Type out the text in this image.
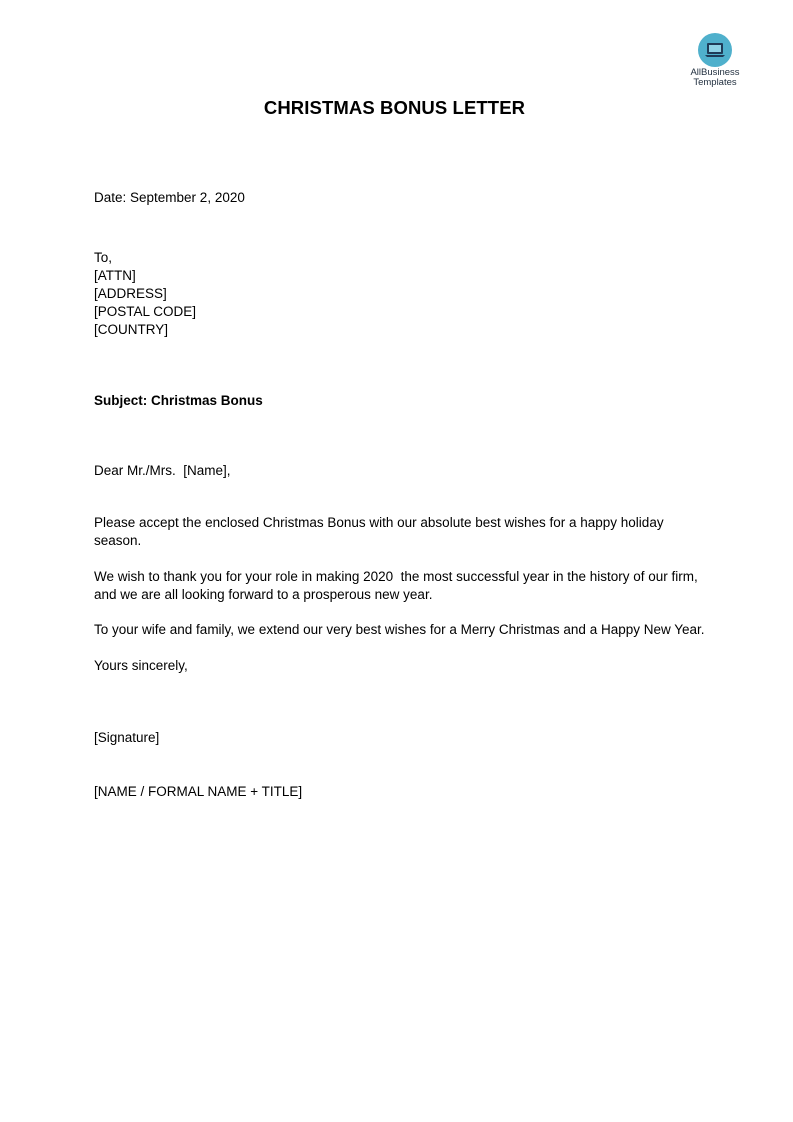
AllBusiness
Templates
CHRISTMAS BONUS LETTER
Date: September 2, 2020
To,
[ATTN]
[ADDRESS]
[POSTAL CODE]
[COUNTRY]
Subject: Christmas Bonus
Dear Mr./Mrs.  [Name],
Please accept the enclosed Christmas Bonus with our absolute best wishes for a happy holiday season.
We wish to thank you for your role in making 2020  the most successful year in the history of our firm, and we are all looking forward to a prosperous new year.
To your wife and family, we extend our very best wishes for a Merry Christmas and a Happy New Year.
Yours sincerely,
[Signature]
[NAME / FORMAL NAME + TITLE]
